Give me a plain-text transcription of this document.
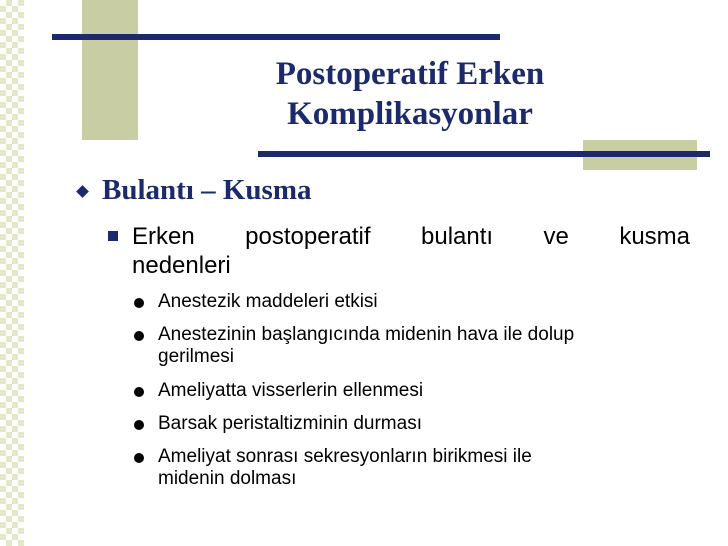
Postoperatif Erken
Komplikasyonlar
Bulantı – Kusma
Erken postoperatif bulantı ve kusma
nedenleri
Anestezik maddeleri etkisi
Anestezinin başlangıcında midenin hava ile dolup
gerilmesi
Ameliyatta visserlerin ellenmesi
Barsak peristaltizminin durması
Ameliyat sonrası sekresyonların birikmesi ile
midenin dolması
